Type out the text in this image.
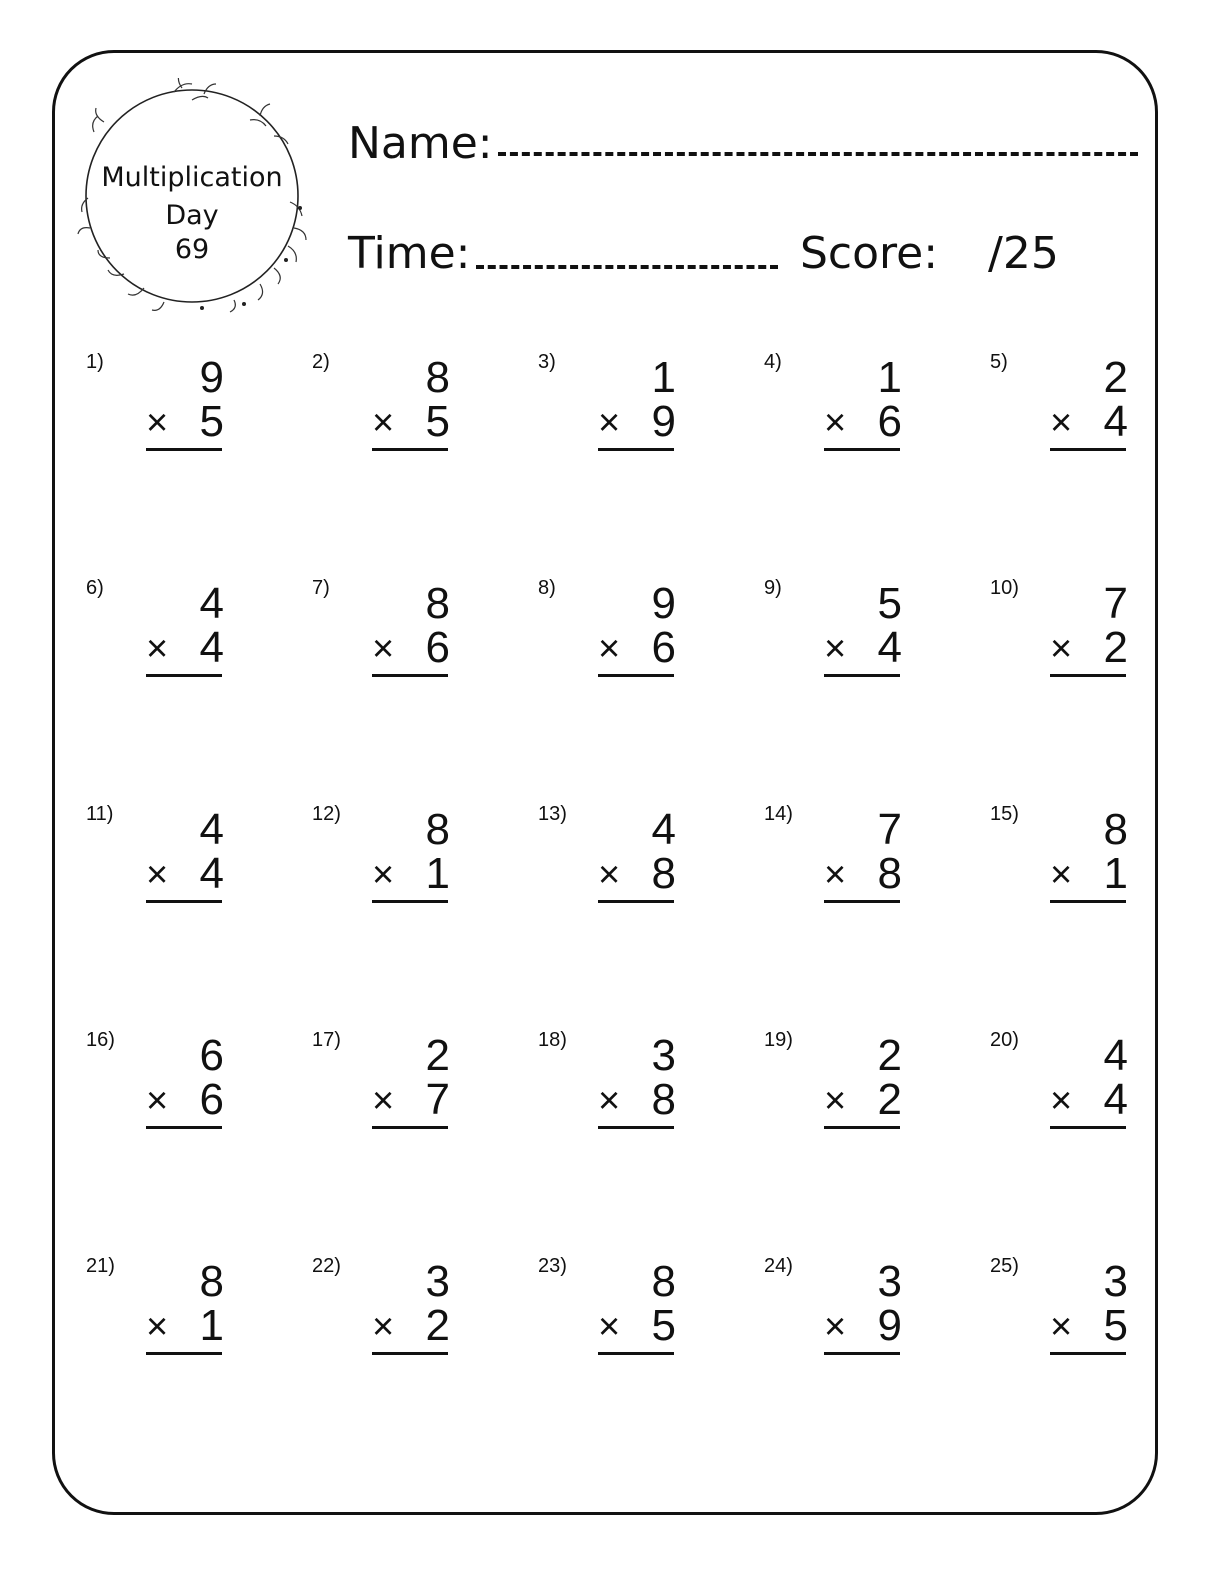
Multiplication
Day
69
Name:
Time:	Score: /25
1)	9
× 5
2)	8
× 5
3)	1
× 9
4)	1
× 6
5)	2
× 4
6)	4
× 4
7)	8
× 6
8)	9
× 6
9)	5
× 4
10)	7
× 2
11)	4
× 4
12)	8
× 1
13)	4
× 8
14)	7
× 8
15)	8
× 1
16)	6
× 6
17)	2
× 7
18)	3
× 8
19)	2
× 2
20)	4
× 4
21)	8
× 1
22)	3
× 2
23)	8
× 5
24)	3
× 9
25)	3
× 5
